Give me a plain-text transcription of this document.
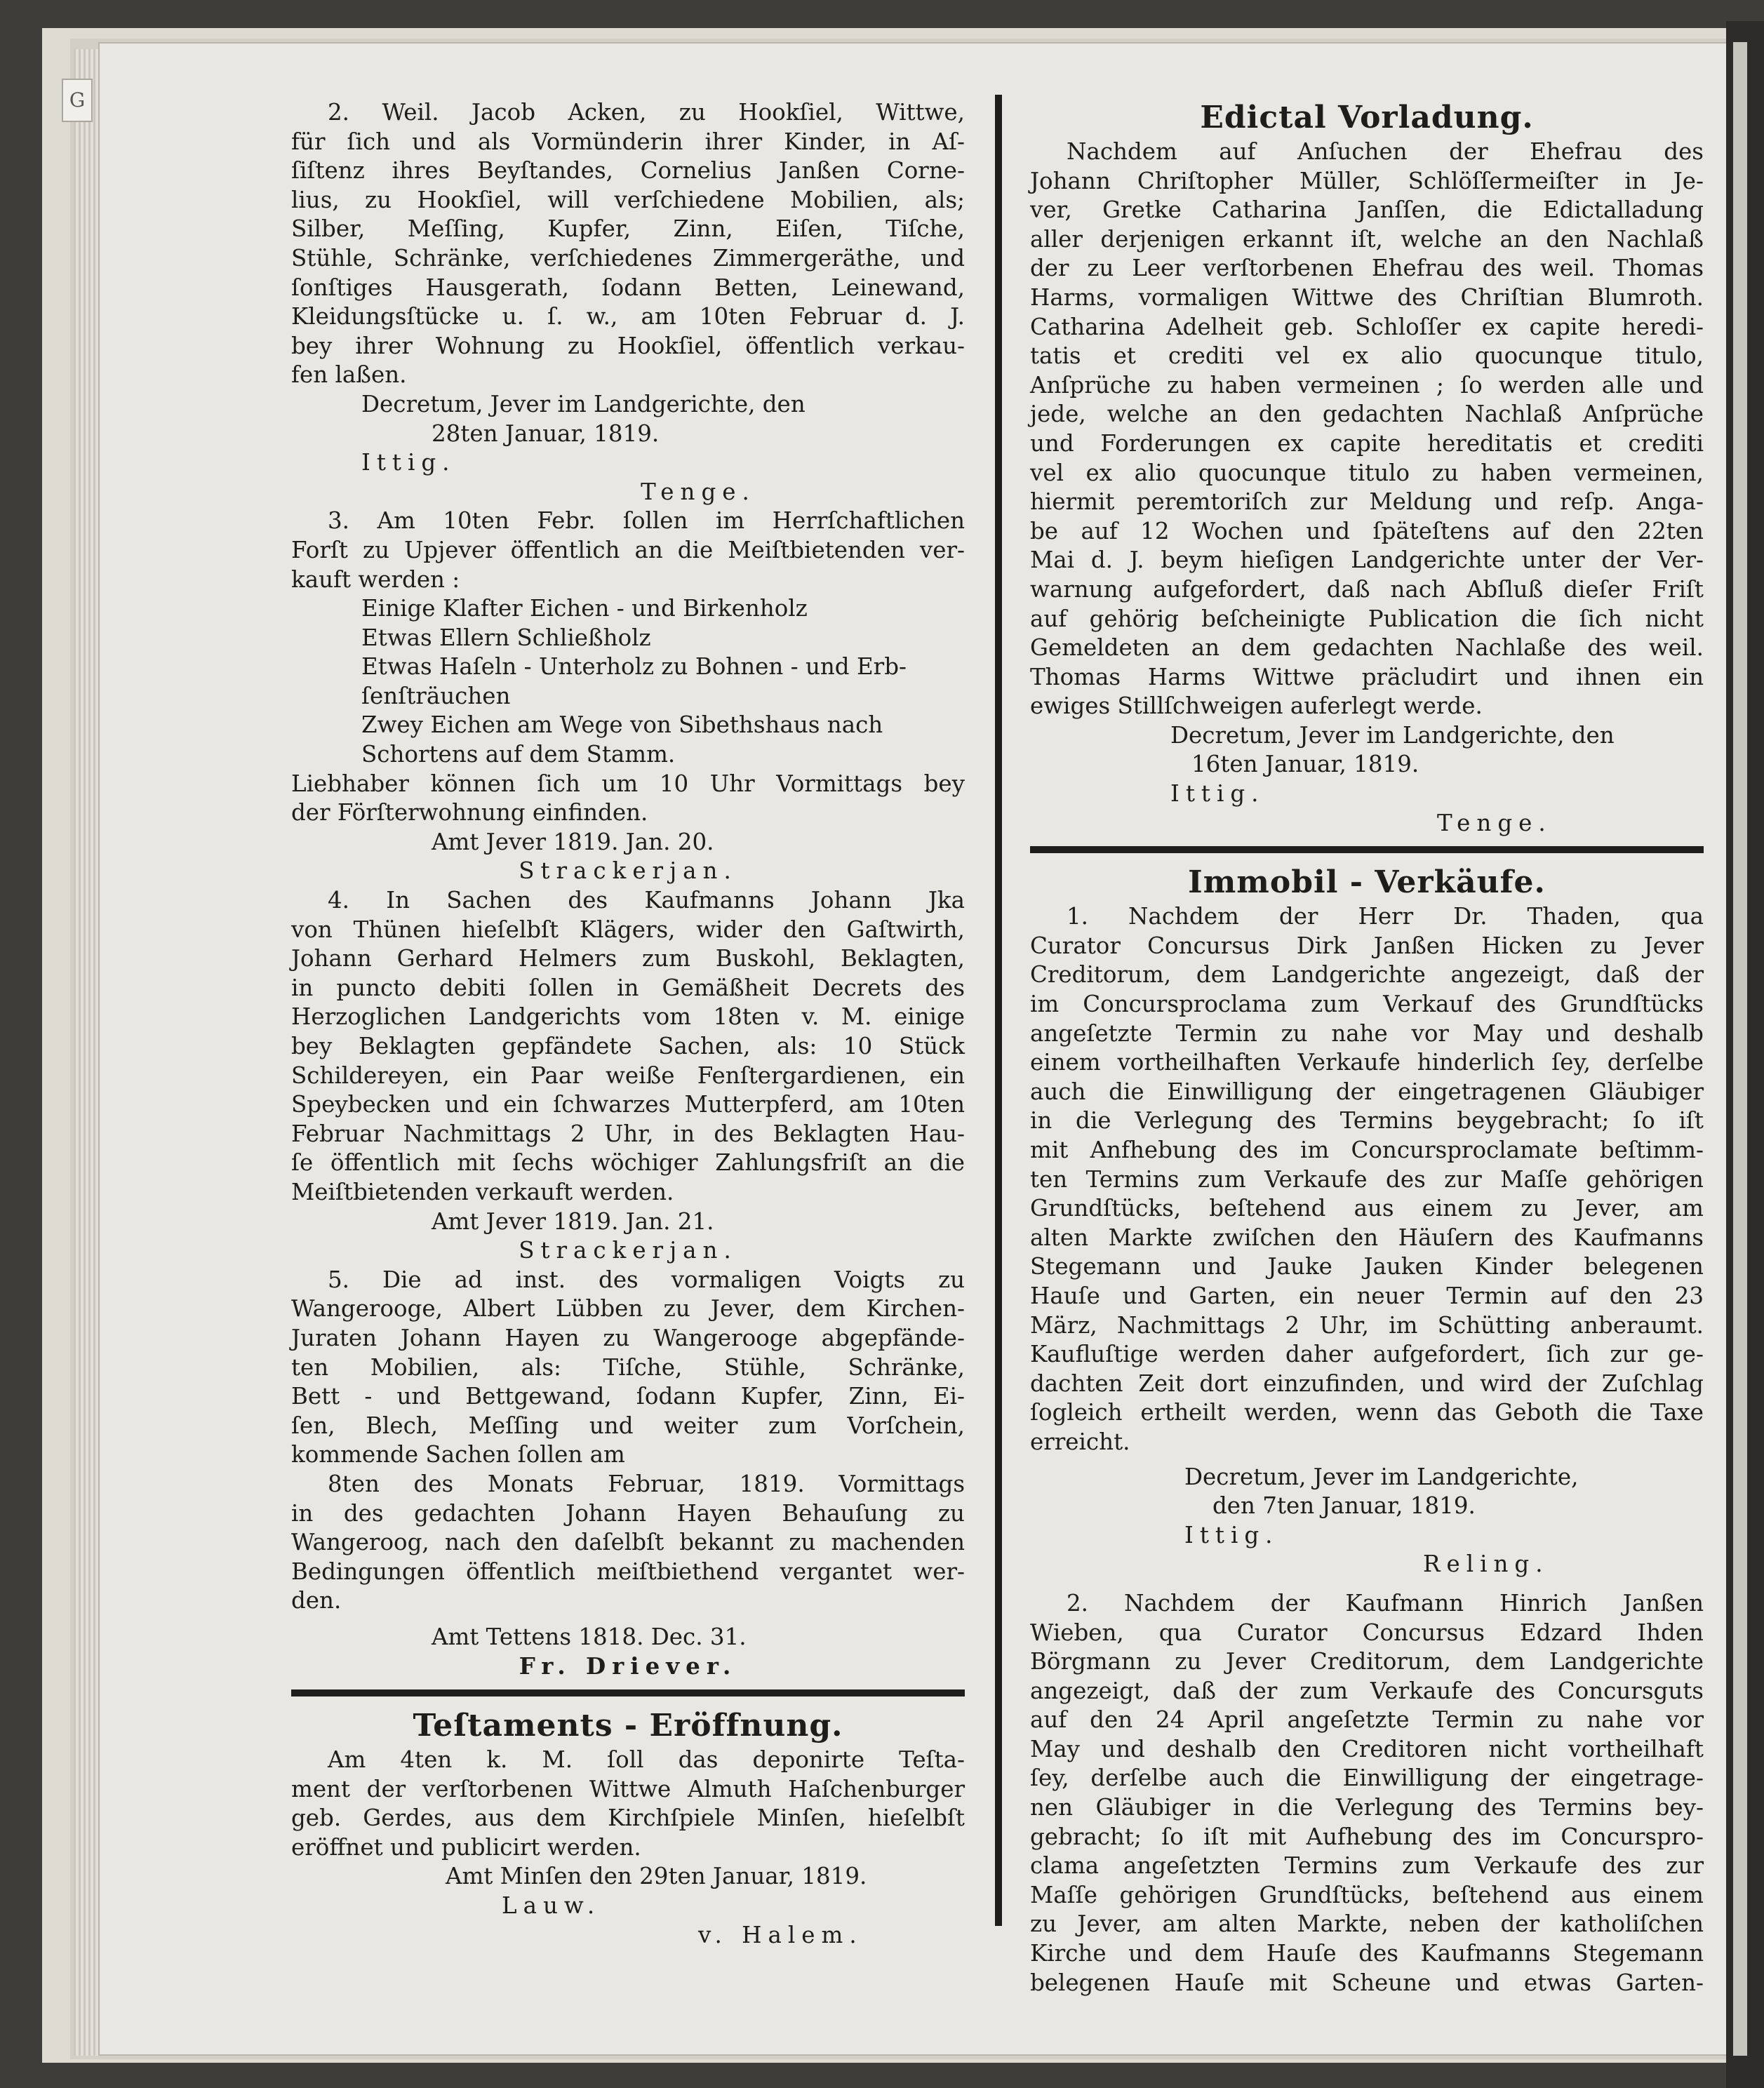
G	2. Weil. Jacob Acken, zu Hookſiel, Wittwe,

für ſich und als Vormünderin ihrer Kinder, in Aſ-

ſiſtenz ihres Beyſtandes, Cornelius Janßen Corne-

lius, zu Hookſiel, will verſchiedene Mobilien, als;

Silber, Meſſing, Kupfer, Zinn, Eiſen, Tiſche,

Stühle, Schränke, verſchiedenes Zimmergeräthe, und

ſonſtiges Hausgerath, ſodann Betten, Leinewand,

Kleidungsſtücke u. ſ. w., am 10ten Februar d. J.

bey ihrer Wohnung zu Hookſiel, öffentlich verkau-

fen laßen.

Decretum, Jever im Landgerichte, den

28ten Januar, 1819.

Ittig.

Tenge.

3. Am 10ten Febr. ſollen im Herrſchaftlichen

Forſt zu Upjever öffentlich an die Meiſtbietenden ver-

kauft werden :

Einige Klafter Eichen - und Birkenholz

Etwas Ellern Schließholz

Etwas Haſeln - Unterholz zu Bohnen - und Erb-

ſenſträuchen

Zwey Eichen am Wege von Sibethshaus nach

Schortens auf dem Stamm.

Liebhaber können ſich um 10 Uhr Vormittags bey

der Förſterwohnung einfinden.

Amt Jever 1819. Jan. 20.

Strackerjan.

4. In Sachen des Kaufmanns Johann Jka

von Thünen hieſelbſt Klägers, wider den Gaſtwirth,

Johann Gerhard Helmers zum Buskohl, Beklagten,

in puncto debiti ſollen in Gemäßheit Decrets des

Herzoglichen Landgerichts vom 18ten v. M. einige

bey Beklagten gepfändete Sachen, als: 10 Stück

Schildereyen, ein Paar weiße Fenſtergardienen, ein

Speybecken und ein ſchwarzes Mutterpferd, am 10ten

Februar Nachmittags 2 Uhr, in des Beklagten Hau-

ſe öffentlich mit ſechs wöchiger Zahlungsfriſt an die

Meiſtbietenden verkauft werden.

Amt Jever 1819. Jan. 21.

Strackerjan.

5. Die ad inst. des vormaligen Voigts zu

Wangerooge, Albert Lübben zu Jever, dem Kirchen-

Juraten Johann Hayen zu Wangerooge abgepfände-

ten Mobilien, als: Tiſche, Stühle, Schränke,

Bett - und Bettgewand, ſodann Kupfer, Zinn, Ei-

ſen, Blech, Meſſing und weiter zum Vorſchein,

kommende Sachen ſollen am

8ten des Monats Februar, 1819. Vormittags

in des gedachten Johann Hayen Behauſung zu

Wangeroog, nach den daſelbſt bekannt zu machenden

Bedingungen öffentlich meiſtbiethend vergantet wer-

den.

Amt Tettens 1818. Dec. 31.

Fr. Driever.

Teſtaments - Eröffnung.

Am 4ten k. M. ſoll das deponirte Teſta-

ment der verſtorbenen Wittwe Almuth Haſchenburger

geb. Gerdes, aus dem Kirchſpiele Minſen, hieſelbſt

eröffnet und publicirt werden.

Amt Minſen den 29ten Januar, 1819.

Lauw.

v. Halem.

Edictal Vorladung.

Nachdem auf Anſuchen der Ehefrau des

Johann Chriſtopher Müller, Schlöſſermeiſter in Je-

ver, Gretke Catharina Janſſen, die Edictalladung

aller derjenigen erkannt iſt, welche an den Nachlaß

der zu Leer verſtorbenen Ehefrau des weil. Thomas

Harms, vormaligen Wittwe des Chriſtian Blumroth.

Catharina Adelheit geb. Schloſſer ex capite heredi-

tatis et crediti vel ex alio quocunque titulo,

Anſprüche zu haben vermeinen ; ſo werden alle und

jede, welche an den gedachten Nachlaß Anſprüche

und Forderungen ex capite hereditatis et crediti

vel ex alio quocunque titulo zu haben vermeinen,

hiermit peremtoriſch zur Meldung und reſp. Anga-

be auf 12 Wochen und ſpäteſtens auf den 22ten

Mai d. J. beym hieſigen Landgerichte unter der Ver-

warnung aufgefordert, daß nach Abſluß dieſer Friſt

auf gehörig beſcheinigte Publication die ſich nicht

Gemeldeten an dem gedachten Nachlaße des weil.

Thomas Harms Wittwe präcludirt und ihnen ein

ewiges Stillſchweigen auferlegt werde.

Decretum, Jever im Landgerichte, den

16ten Januar, 1819.

Ittig.

Tenge.

Immobil - Verkäufe.

1. Nachdem der Herr Dr. Thaden, qua

Curator Concursus Dirk Janßen Hicken zu Jever

Creditorum, dem Landgerichte angezeigt, daß der

im Concursproclama zum Verkauf des Grundſtücks

angeſetzte Termin zu nahe vor May und deshalb

einem vortheilhaften Verkaufe hinderlich ſey, derſelbe

auch die Einwilligung der eingetragenen Gläubiger

in die Verlegung des Termins beygebracht; ſo iſt

mit Anfhebung des im Concursproclamate beſtimm-

ten Termins zum Verkaufe des zur Maſſe gehörigen

Grundſtücks, beſtehend aus einem zu Jever, am

alten Markte zwiſchen den Häuſern des Kaufmanns

Stegemann und Jauke Jauken Kinder belegenen

Hauſe und Garten, ein neuer Termin auf den 23

März, Nachmittags 2 Uhr, im Schütting anberaumt.

Kaufluſtige werden daher aufgefordert, ſich zur ge-

dachten Zeit dort einzufinden, und wird der Zuſchlag

ſogleich ertheilt werden, wenn das Geboth die Taxe

erreicht.

Decretum, Jever im Landgerichte,

den 7ten Januar, 1819.

Ittig.

Reling.

2. Nachdem der Kaufmann Hinrich Janßen

Wieben, qua Curator Concursus Edzard Ihden

Börgmann zu Jever Creditorum, dem Landgerichte

angezeigt, daß der zum Verkaufe des Concursguts

auf den 24 April angeſetzte Termin zu nahe vor

May und deshalb den Creditoren nicht vortheilhaft

ſey, derſelbe auch die Einwilligung der eingetrage-

nen Gläubiger in die Verlegung des Termins bey-

gebracht; ſo iſt mit Aufhebung des im Concurspro-

clama angeſetzten Termins zum Verkaufe des zur

Maſſe gehörigen Grundſtücks, beſtehend aus einem

zu Jever, am alten Markte, neben der katholiſchen

Kirche und dem Hauſe des Kaufmanns Stegemann

belegenen Hauſe mit Scheune und etwas Garten-
